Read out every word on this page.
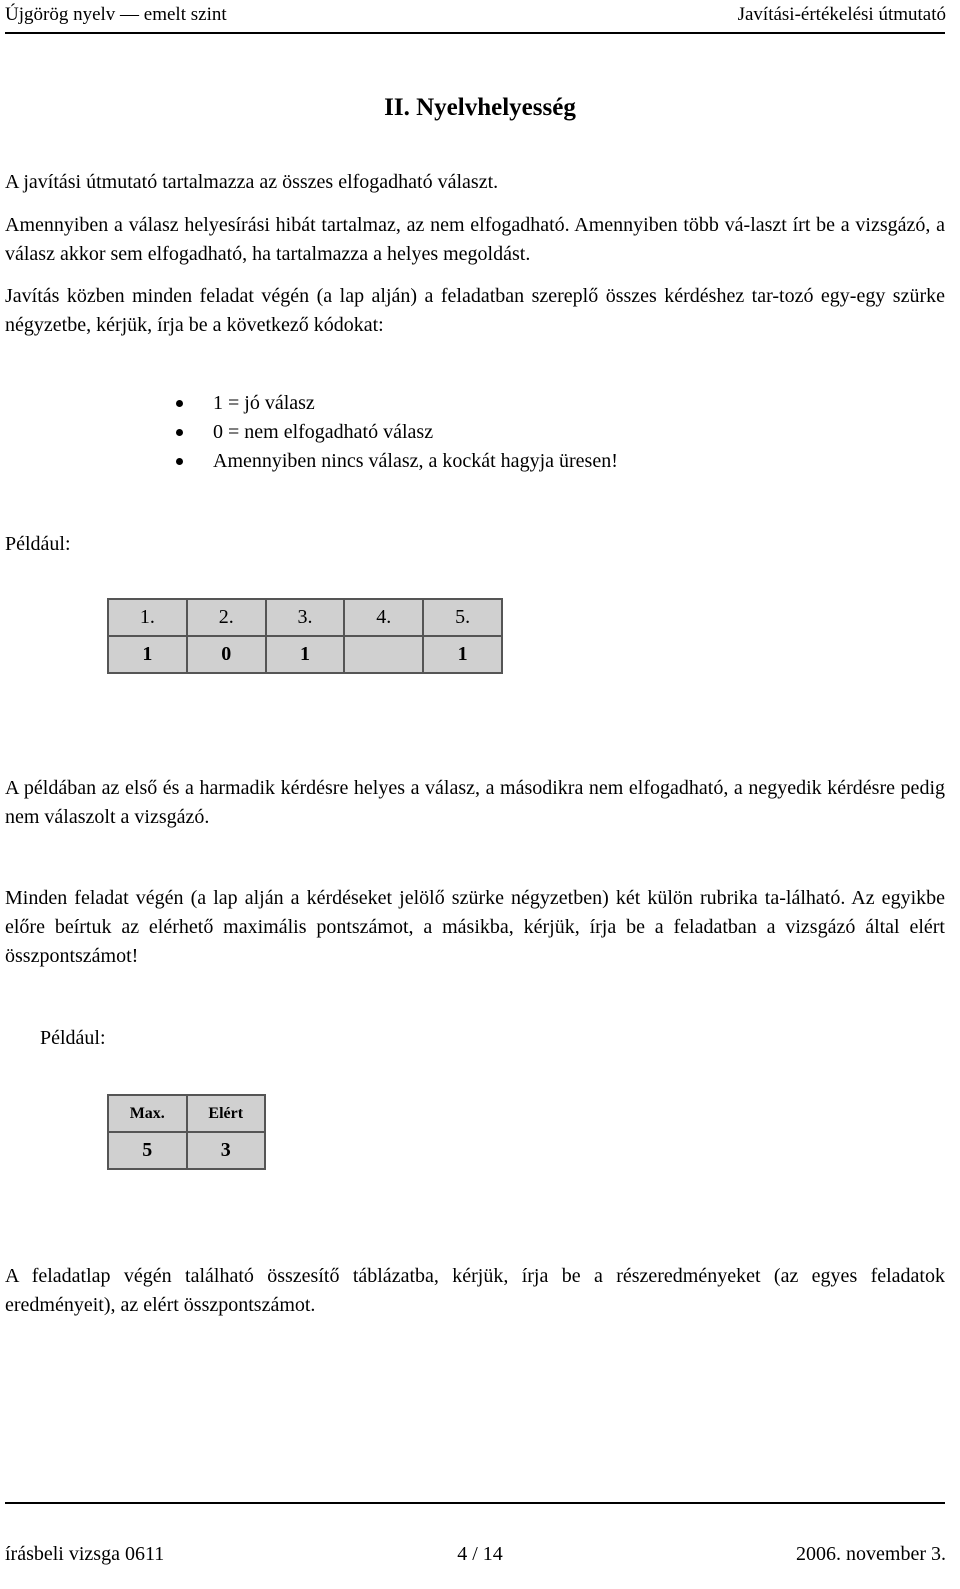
Újgörög nyelv — emelt szint	Javítási-értékelési útmutató
II. Nyelvhelyesség
A javítási útmutató tartalmazza az összes elfogadható választ.
Amennyiben a válasz helyesírási hibát tartalmaz, az nem elfogadható. Amennyiben több vá-laszt írt be a vizsgázó, a válasz akkor sem elfogadható, ha tartalmazza a helyes megoldást.
Javítás közben minden feladat végén (a lap alján) a feladatban szereplő összes kérdéshez tar-tozó egy-egy szürke négyzetbe, kérjük, írja be a következő kódokat:
1 = jó válasz
0 = nem elfogadható válasz
Amennyiben nincs válasz, a kockát hagyja üresen!
Például:
1.	2.	3.	4.	5.
1	0	1		1
A példában az első és a harmadik kérdésre helyes a válasz, a másodikra nem elfogadható, a negyedik kérdésre pedig nem válaszolt a vizsgázó.
Minden feladat végén (a lap alján a kérdéseket jelölő szürke négyzetben) két külön rubrika ta-lálható. Az egyikbe előre beírtuk az elérhető maximális pontszámot, a másikba, kérjük, írja be a feladatban a vizsgázó által elért összpontszámot!
Például:
Max.	Elért
5	3
A feladatlap végén található összesítő táblázatba, kérjük, írja be a részeredményeket (az egyes feladatok eredményeit), az elért összpontszámot.
írásbeli vizsga 0611	4 / 14	2006. november 3.
